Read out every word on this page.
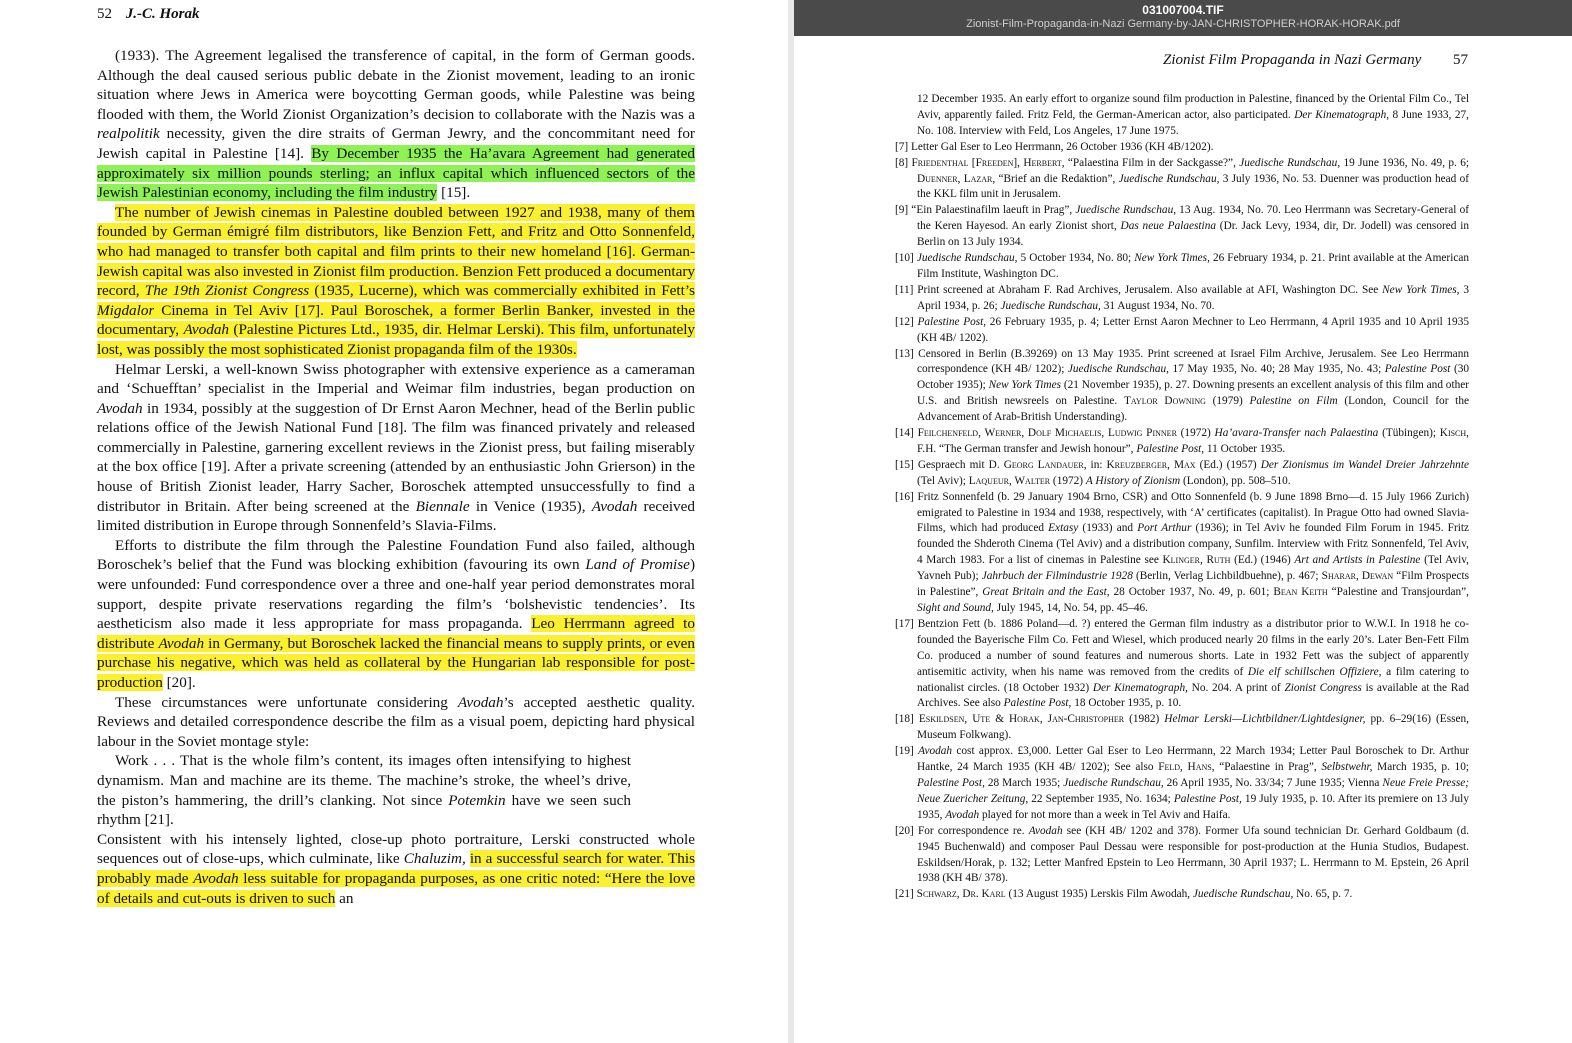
52 J.-C. Horak

(1933). The Agreement legalised the transference of capital, in the form of German goods. Although the deal caused serious public debate in the Zionist movement, leading to an ironic situation where Jews in America were boycotting German goods, while Palestine was being flooded with them, the World Zionist Organization’s decision to collaborate with the Nazis was a realpolitik necessity, given the dire straits of German Jewry, and the concommitant need for Jewish capital in Palestine [14]. By December 1935 the Ha’avara Agreement had generated approximately six million pounds sterling; an influx capital which influenced sectors of the Jewish Palestinian economy, including the film industry [15].

The number of Jewish cinemas in Palestine doubled between 1927 and 1938, many of them founded by German émigré film distributors, like Benzion Fett, and Fritz and Otto Sonnenfeld, who had managed to transfer both capital and film prints to their new homeland [16]. German-Jewish capital was also invested in Zionist film production. Benzion Fett produced a documentary record, The 19th Zionist Congress (1935, Lucerne), which was commercially exhibited in Fett’s Migdalor Cinema in Tel Aviv [17]. Paul Boroschek, a former Berlin Banker, invested in the documentary, Avodah (Palestine Pictures Ltd., 1935, dir. Helmar Lerski). This film, unfortunately lost, was possibly the most sophisticated Zionist propaganda film of the 1930s.

Helmar Lerski, a well-known Swiss photographer with extensive experience as a cameraman and ‘Schuefftan’ specialist in the Imperial and Weimar film industries, began production on Avodah in 1934, possibly at the suggestion of Dr Ernst Aaron Mechner, head of the Berlin public relations office of the Jewish National Fund [18]. The film was financed privately and released commercially in Palestine, garnering excellent reviews in the Zionist press, but failing miserably at the box office [19]. After a private screening (attended by an enthusiastic John Grierson) in the house of British Zionist leader, Harry Sacher, Boroschek attempted unsuccessfully to find a distributor in Britain. After being screened at the Biennale in Venice (1935), Avodah received limited distribution in Europe through Sonnenfeld’s Slavia-Films.

Efforts to distribute the film through the Palestine Foundation Fund also failed, although Boroschek’s belief that the Fund was blocking exhibition (favouring its own Land of Promise) were unfounded: Fund correspondence over a three and one-half year period demonstrates moral support, despite private reservations regarding the film’s ‘bolshevistic tendencies’. Its aestheticism also made it less appropriate for mass propaganda. Leo Herrmann agreed to distribute Avodah in Germany, but Boroschek lacked the financial means to supply prints, or even purchase his negative, which was held as collateral by the Hungarian lab responsible for post-production [20].

These circumstances were unfortunate considering Avodah’s accepted aesthetic quality. Reviews and detailed correspondence describe the film as a visual poem, depicting hard physical labour in the Soviet montage style:

Work . . . That is the whole film’s content, its images often intensifying to highest dynamism. Man and machine are its theme. The machine’s stroke, the wheel’s drive, the piston’s hammering, the drill’s clanking. Not since Potemkin have we seen such rhythm [21].

Consistent with his intensely lighted, close-up photo portraiture, Lerski constructed whole sequences out of close-ups, which culminate, like Chaluzim, in a successful search for water. This probably made Avodah less suitable for propaganda purposes, as one critic noted: “Here the love of details and cut-outs is driven to such an

Zionist Film Propaganda in Nazi Germany 57

12 December 1935. An early effort to organize sound film production in Palestine, financed by the Oriental Film Co., Tel Aviv, apparently failed. Fritz Feld, the German-American actor, also participated. Der Kinematograph, 8 June 1933, 27, No. 108. Interview with Feld, Los Angeles, 17 June 1975.

[7] Letter Gal Eser to Leo Herrmann, 26 October 1936 (KH 4B/1202).

[8] Friedenthal [Freeden], Herbert, “Palaestina Film in der Sackgasse?”, Juedische Rundschau, 19 June 1936, No. 49, p. 6; Duenner, Lazar, “Brief an die Redaktion”, Juedische Rundschau, 3 July 1936, No. 53. Duenner was production head of the KKL film unit in Jerusalem.

[9] “Ein Palaestinafilm laeuft in Prag”, Juedische Rundschau, 13 Aug. 1934, No. 70. Leo Herrmann was Secretary-General of the Keren Hayesod. An early Zionist short, Das neue Palaestina (Dr. Jack Levy, 1934, dir, Dr. Jodell) was censored in Berlin on 13 July 1934.

[10] Juedische Rundschau, 5 October 1934, No. 80; New York Times, 26 February 1934, p. 21. Print available at the American Film Institute, Washington DC.

[11] Print screened at Abraham F. Rad Archives, Jerusalem. Also available at AFI, Washington DC. See New York Times, 3 April 1934, p. 26; Juedische Rundschau, 31 August 1934, No. 70.

[12] Palestine Post, 26 February 1935, p. 4; Letter Ernst Aaron Mechner to Leo Herrmann, 4 April 1935 and 10 April 1935 (KH 4B/ 1202).

[13] Censored in Berlin (B.39269) on 13 May 1935. Print screened at Israel Film Archive, Jerusalem. See Leo Herrmann correspondence (KH 4B/ 1202); Juedische Rundschau, 17 May 1935, No. 40; 28 May 1935, No. 43; Palestine Post (30 October 1935); New York Times (21 November 1935), p. 27. Downing presents an excellent analysis of this film and other U.S. and British newsreels on Palestine. Taylor Downing (1979) Palestine on Film (London, Council for the Advancement of Arab-British Understanding).

[14] Feilchenfeld, Werner, Dolf Michaelis, Ludwig Pinner (1972) Ha’avara-Transfer nach Palaestina (Tübingen); Kisch, F.H. “The German transfer and Jewish honour”, Palestine Post, 11 October 1935.

[15] Gespraech mit D. Georg Landauer, in: Kreuzberger, Max (Ed.) (1957) Der Zionismus im Wandel Dreier Jahrzehnte (Tel Aviv); Laqueur, Walter (1972) A History of Zionism (London), pp. 508–510.

[16] Fritz Sonnenfeld (b. 29 January 1904 Brno, CSR) and Otto Sonnenfeld (b. 9 June 1898 Brno—d. 15 July 1966 Zurich) emigrated to Palestine in 1934 and 1938, respectively, with ‘A’ certificates (capitalist). In Prague Otto had owned Slavia-Films, which had produced Extasy (1933) and Port Arthur (1936); in Tel Aviv he founded Film Forum in 1945. Fritz founded the Shderoth Cinema (Tel Aviv) and a distribution company, Sunfilm. Interview with Fritz Sonnenfeld, Tel Aviv, 4 March 1983. For a list of cinemas in Palestine see Klinger, Ruth (Ed.) (1946) Art and Artists in Palestine (Tel Aviv, Yavneh Pub); Jahrbuch der Filmindustrie 1928 (Berlin, Verlag Lichbildbuehne), p. 467; Sharar, Dewan “Film Prospects in Palestine”, Great Britain and the East, 28 October 1937, No. 49, p. 601; Bean Keith “Palestine and Transjourdan”, Sight and Sound, July 1945, 14, No. 54, pp. 45–46.

[17] Bentzion Fett (b. 1886 Poland—d. ?) entered the German film industry as a distributor prior to W.W.I. In 1918 he co-founded the Bayerische Film Co. Fett and Wiesel, which produced nearly 20 films in the early 20’s. Later Ben-Fett Film Co. produced a number of sound features and numerous shorts. Late in 1932 Fett was the subject of apparently antisemitic activity, when his name was removed from the credits of Die elf schillschen Offiziere, a film catering to nationalist circles. (18 October 1932) Der Kinematograph, No. 204. A print of Zionist Congress is available at the Rad Archives. See also Palestine Post, 18 October 1935, p. 10.

[18] Eskildsen, Ute & Horak, Jan-Christopher (1982) Helmar Lerski—Lichtbildner/Lightdesigner, pp. 6–29(16) (Essen, Museum Folkwang).

[19] Avodah cost approx. £3,000. Letter Gal Eser to Leo Herrmann, 22 March 1934; Letter Paul Boroschek to Dr. Arthur Hantke, 24 March 1935 (KH 4B/ 1202); See also Feld, Hans, “Palaestine in Prag”, Selbstwehr, March 1935, p. 10; Palestine Post, 28 March 1935; Juedische Rundschau, 26 April 1935, No. 33/34; 7 June 1935; Vienna Neue Freie Presse; Neue Zuericher Zeitung, 22 September 1935, No. 1634; Palestine Post, 19 July 1935, p. 10. After its premiere on 13 July 1935, Avodah played for not more than a week in Tel Aviv and Haifa.

[20] For correspondence re. Avodah see (KH 4B/ 1202 and 378). Former Ufa sound technician Dr. Gerhard Goldbaum (d. 1945 Buchenwald) and composer Paul Dessau were responsible for post-production at the Hunia Studios, Budapest. Eskildsen/Horak, p. 132; Letter Manfred Epstein to Leo Herrmann, 30 April 1937; L. Herrmann to M. Epstein, 26 April 1938 (KH 4B/ 378).

[21] Schwarz, Dr. Karl (13 August 1935) Lerskis Film Awodah, Juedische Rundschau, No. 65, p. 7.

031007004.TIF
Zionist-Film-Propaganda-in-Nazi Germany-by-JAN-CHRISTOPHER-HORAK-HORAK.pdf
